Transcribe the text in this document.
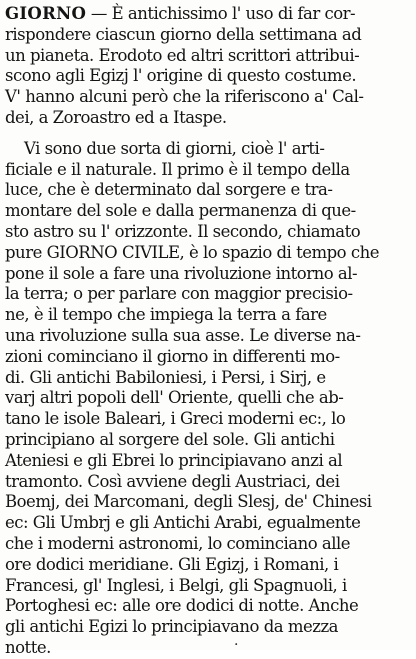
GIORNO — È antichissimo l' uso di far cor-
rispondere ciascun giorno della settimana ad
un pianeta. Erodoto ed altri scrittori attribui-
scono agli Egizj l' origine di questo costume.
V' hanno alcuni però che la riferiscono a' Cal-
dei, a Zoroastro ed a Itaspe.
Vi sono due sorta di giorni, cioè l' arti-
ficiale e il naturale. Il primo è il tempo della
luce, che è determinato dal sorgere e tra-
montare del sole e dalla permanenza di que-
sto astro su l' orizzonte. Il secondo, chiamato
pure GIORNO CIVILE, è lo spazio di tempo che
pone il sole a fare una rivoluzione intorno al-
la terra; o per parlare con maggior precisio-
ne, è il tempo che impiega la terra a fare
una rivoluzione sulla sua asse. Le diverse na-
zioni cominciano il giorno in differenti mo-
di. Gli antichi Babiloniesi, i Persi, i Sirj, e
varj altri popoli dell' Oriente, quelli che ab-
tano le isole Baleari, i Greci moderni ec:, lo
principiano al sorgere del sole. Gli antichi
Ateniesi e gli Ebrei lo principiavano anzi al
tramonto. Così avviene degli Austriaci, dei
Boemj, dei Marcomani, degli Slesj, de' Chinesi
ec: Gli Umbrj e gli Antichi Arabi, egualmente
che i moderni astronomi, lo cominciano alle
ore dodici meridiane. Gli Egizj, i Romani, i
Francesi, gl' Inglesi, i Belgi, gli Spagnuoli, i
Portoghesi ec: alle ore dodici di notte. Anche
gli antichi Egizi lo principiavano da mezza
notte.	.
